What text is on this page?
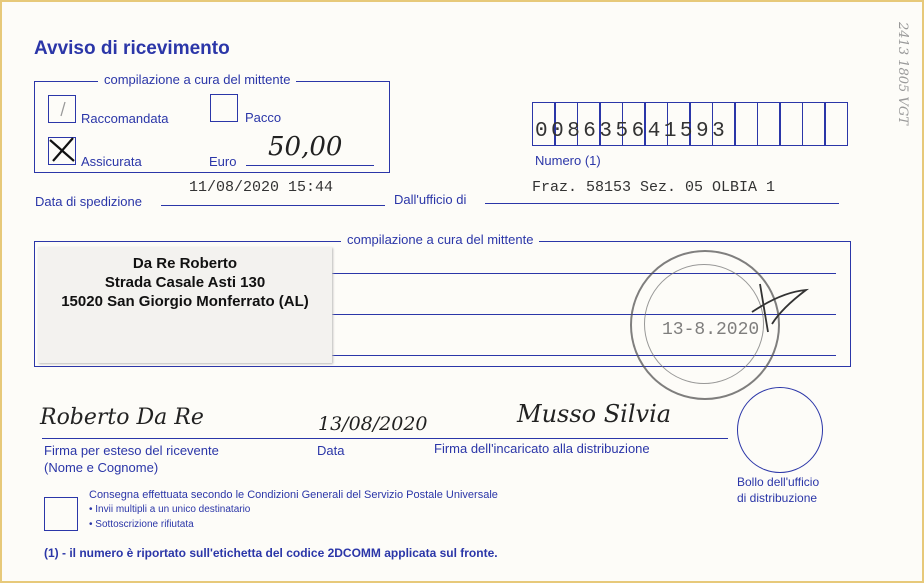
Avviso di ricevimento
compilazione a cura del mittente
Raccomandata	Pacco
Assicurata	Euro 50,00
008635641593
Numero (1)
Data di spedizione
11/08/2020 15:44
Dall'ufficio di
Fraz. 58153 Sez. 05 OLBIA 1
compilazione a cura del mittente
Da Re Roberto
Strada Casale Asti 130
15020 San Giorgio Monferrato (AL)
13-8.2020
Roberto Da Re
Firma per esteso del ricevente
(Nome e Cognome)
13/08/2020
Data
Musso Silvia
Firma dell'incaricato alla distribuzione
Bollo dell'ufficio
di distribuzione
Consegna effettuata secondo le Condizioni Generali del Servizio Postale Universale
• Invii multipli a un unico destinatario
• Sottoscrizione rifiutata
(1) - il numero è riportato sull'etichetta del codice 2DCOMM applicata sul fronte.
2413 1805 VGT
